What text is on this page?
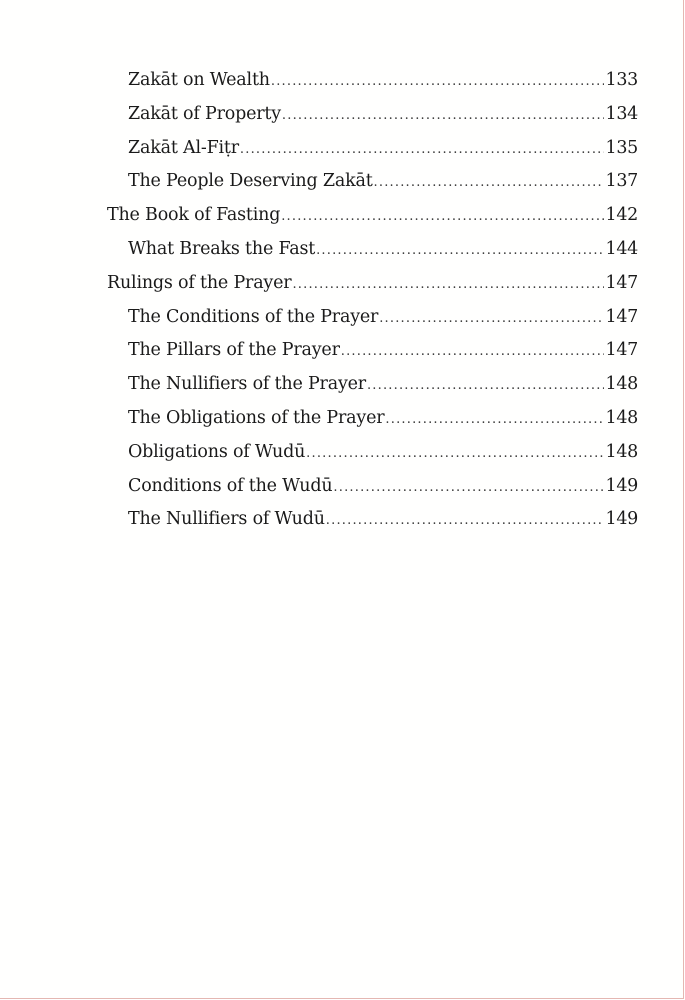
Zakāt on Wealth .....	133
Zakāt of Property .....	134
Zakāt Al-Fiṭr .....	135
The People Deserving Zakāt .....	137
The Book of Fasting .....	142
What Breaks the Fast .....	144
Rulings of the Prayer .....	147
The Conditions of the Prayer .....	147
The Pillars of the Prayer .....	147
The Nullifiers of the Prayer .....	148
The Obligations of the Prayer .....	148
Obligations of Wudū .....	148
Conditions of the Wudū .....	149
The Nullifiers of Wudū .....	149
